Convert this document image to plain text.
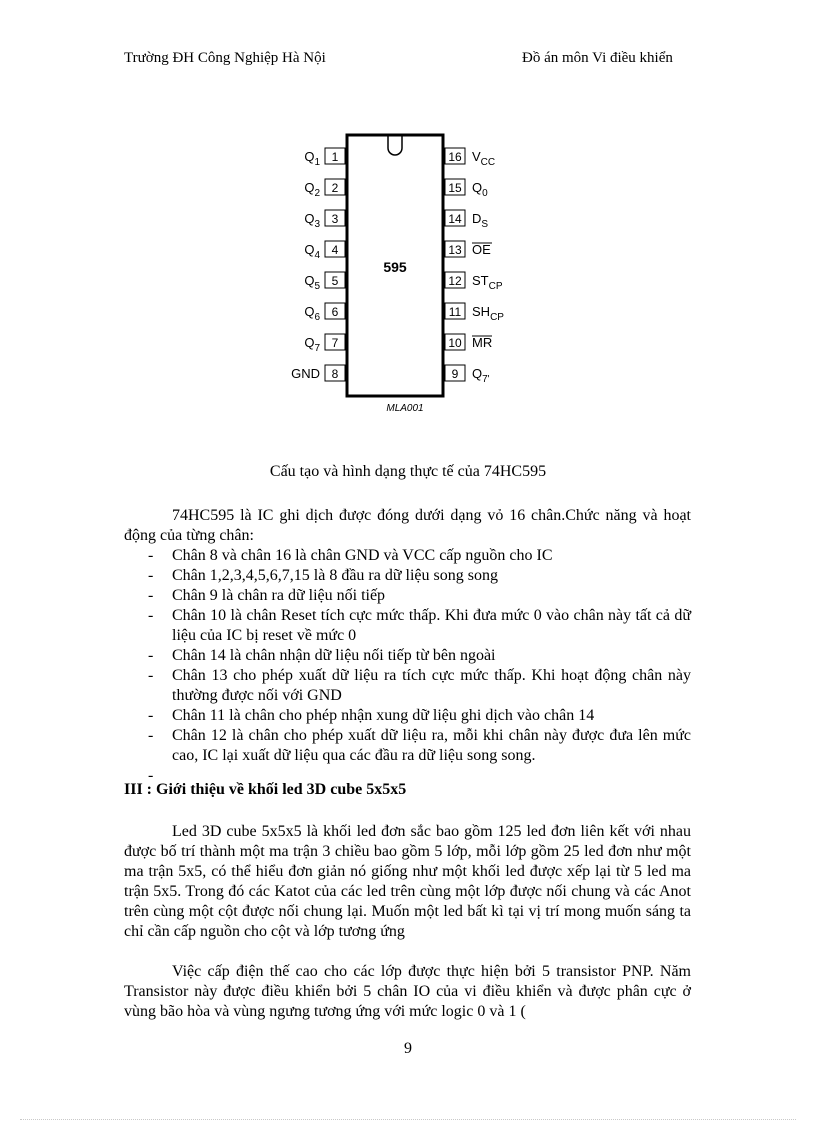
Trường ĐH Công Nghiệp Hà Nội	Đồ án môn Vi điều khiển
595
MLA001
1
$Q_1$
2
$Q_2$
3
$Q_3$
4
$Q_4$
5
$Q_5$
6
$Q_6$
7
$Q_7$
8
GND
16 $V_{CC}$
15 $Q_0$
14 $D_S$
13 OE
12 $ST_{CP}$
11 $SH_{CP}$
10 MR
9 $Q_{7'}$
Cấu tạo và hình dạng thực tế của 74HC595
74HC595 là IC ghi dịch được đóng dưới dạng vỏ 16 chân.Chức năng và hoạt động của từng chân:
- Chân 8 và chân 16 là chân GND và VCC cấp nguồn cho IC
- Chân 1,2,3,4,5,6,7,15 là 8 đầu ra dữ liệu song song
- Chân 9 là chân ra dữ liệu nối tiếp
- Chân 10 là chân Reset tích cực mức thấp. Khi đưa mức 0 vào chân này tất cả dữ liệu của IC bị reset về mức 0
- Chân 14 là chân nhận dữ liệu nối tiếp từ bên ngoài
- Chân 13 cho phép xuất dữ liệu ra tích cực mức thấp. Khi hoạt động chân này thường được nối với GND
- Chân 11 là chân cho phép nhận xung dữ liệu ghi dịch vào chân 14
- Chân 12 là chân cho phép xuất dữ liệu ra, mỗi khi chân này được đưa lên mức cao, IC lại xuất dữ liệu qua các đầu ra dữ liệu song song.
-
III : Giới thiệu về khối led 3D cube 5x5x5
Led 3D cube 5x5x5 là khối led đơn sắc bao gồm 125 led đơn liên kết với nhau được bố trí thành một ma trận 3 chiều bao gồm 5 lớp, mỗi lớp gồm 25 led đơn như một ma trận 5x5, có thể hiểu đơn giản nó giống như một khối led được xếp lại từ 5 led ma trận 5x5. Trong đó các Katot của các led trên cùng một lớp được nối chung và các Anot trên cùng một cột được nối chung lại. Muốn một led bất kì tại vị trí mong muốn sáng ta chỉ cần cấp nguồn cho cột và lớp tương ứng
Việc cấp điện thế cao cho các lớp được thực hiện bởi 5 transistor PNP. Năm Transistor này được điều khiển bởi 5 chân IO của vi điều khiển và được phân cực ở vùng bão hòa và vùng ngưng tương ứng với mức logic 0 và 1 (
9
